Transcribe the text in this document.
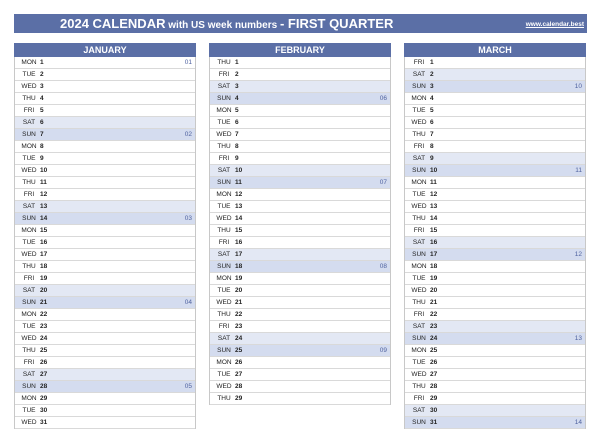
2024 CALENDAR with US week numbers - FIRST QUARTER	www.calendar.best
JANUARY
MON 1	01
TUE 2
WED 3
THU 4
FRI 5
SAT 6
SUN 7	02
MON 8
TUE 9
WED 10
THU 11
FRI 12
SAT 13
SUN 14	03
MON 15
TUE 16
WED 17
THU 18
FRI 19
SAT 20
SUN 21	04
MON 22
TUE 23
WED 24
THU 25
FRI 26
SAT 27
SUN 28	05
MON 29
TUE 30
WED 31
FEBRUARY
THU 1
FRI 2
SAT 3
SUN 4	06
MON 5
TUE 6
WED 7
THU 8
FRI 9
SAT 10
SUN 11	07
MON 12
TUE 13
WED 14
THU 15
FRI 16
SAT 17
SUN 18	08
MON 19
TUE 20
WED 21
THU 22
FRI 23
SAT 24
SUN 25	09
MON 26
TUE 27
WED 28
THU 29
MARCH
FRI 1
SAT 2
SUN 3	10
MON 4
TUE 5
WED 6
THU 7
FRI 8
SAT 9
SUN 10	11
MON 11
TUE 12
WED 13
THU 14
FRI 15
SAT 16
SUN 17	12
MON 18
TUE 19
WED 20
THU 21
FRI 22
SAT 23
SUN 24	13
MON 25
TUE 26
WED 27
THU 28
FRI 29
SAT 30
SUN 31	14
